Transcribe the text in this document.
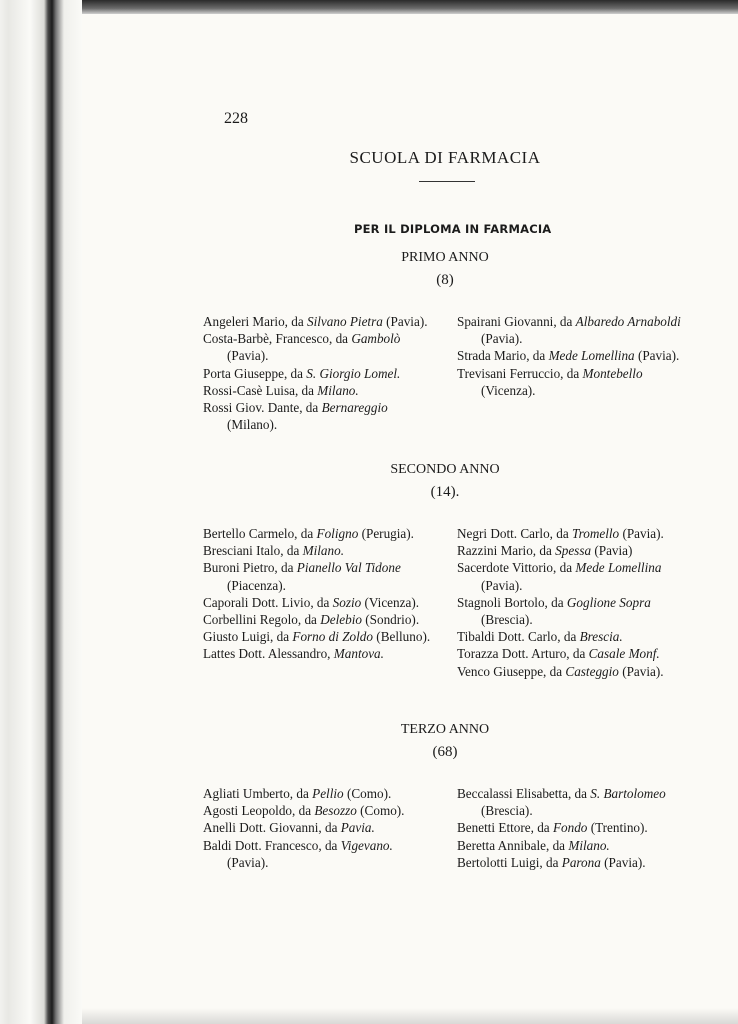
228
SCUOLA DI FARMACIA
PER IL DIPLOMA IN FARMACIA
PRIMO ANNO
(8)

Angeleri Mario, da Silvano Pietra (Pavia).

Costa-Barbè, Francesco, da Gambolò (Pavia).

Porta Giuseppe, da S. Giorgio Lomel.

Rossi-Casè Luisa, da Milano.

Rossi Giov. Dante, da Bernareggio (Milano).

Spairani Giovanni, da Albaredo Arnaboldi (Pavia).

Strada Mario, da Mede Lomellina (Pavia).

Trevisani Ferruccio, da Montebello (Vicenza).

SECONDO ANNO
(14).

Bertello Carmelo, da Foligno (Perugia).

Bresciani Italo, da Milano.

Buroni Pietro, da Pianello Val Tidone (Piacenza).

Caporali Dott. Livio, da Sozio (Vicenza).

Corbellini Regolo, da Delebio (Sondrio).

Giusto Luigi, da Forno di Zoldo (Belluno).

Lattes Dott. Alessandro, Mantova.

Negri Dott. Carlo, da Tromello (Pavia).

Razzini Mario, da Spessa (Pavia)

Sacerdote Vittorio, da Mede Lomellina (Pavia).

Stagnoli Bortolo, da Goglione Sopra (Brescia).

Tibaldi Dott. Carlo, da Brescia.

Torazza Dott. Arturo, da Casale Monf.

Venco Giuseppe, da Casteggio (Pavia).

TERZO ANNO
(68)

Agliati Umberto, da Pellio (Como).

Agosti Leopoldo, da Besozzo (Como).

Anelli Dott. Giovanni, da Pavia.

Baldi Dott. Francesco, da Vigevano. (Pavia).

Beccalassi Elisabetta, da S. Bartolomeo (Brescia).

Benetti Ettore, da Fondo (Trentino).

Beretta Annibale, da Milano.

Bertolotti Luigi, da Parona (Pavia).
